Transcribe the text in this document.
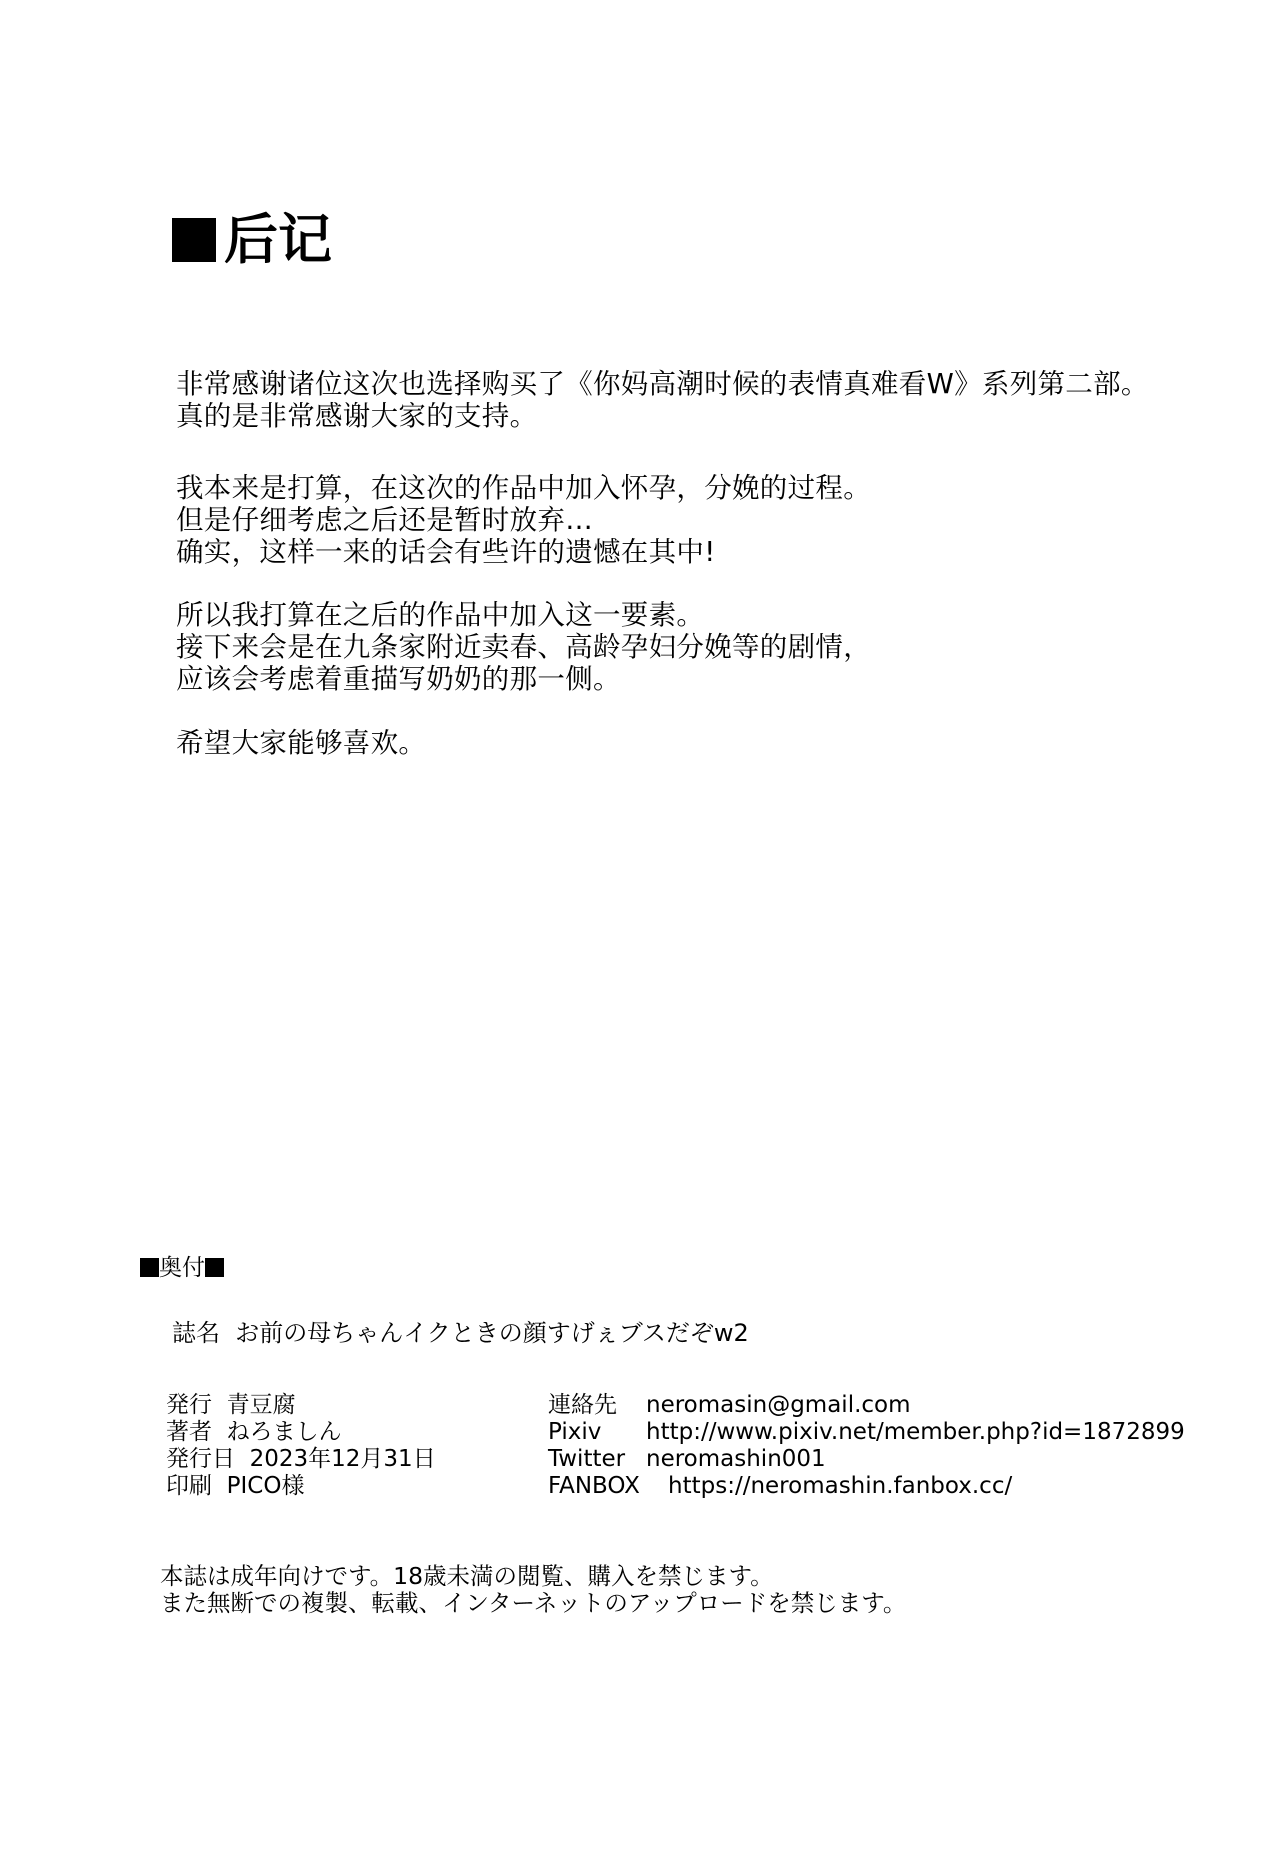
后记
非常感谢诸位这次也选择购买了《你妈高潮时候的表情真难看W》系列第二部。
真的是非常感谢大家的支持。
我本来是打算，在这次的作品中加入怀孕，分娩的过程。
但是仔细考虑之后还是暂时放弃…
确实，这样一来的话会有些许的遗憾在其中!
所以我打算在之后的作品中加入这一要素。
接下来会是在九条家附近卖春、高龄孕妇分娩等的剧情，
应该会考虑着重描写奶奶的那一侧。
希望大家能够喜欢。
奥付
誌名 お前の母ちゃんイクときの顔すげぇブスだぞw2
発行 青豆腐
著者 ねろましん
発行日 2023年12月31日
印刷 PICO様
連絡先 neromasin@gmail.com
Pixiv http://www.pixiv.net/member.php?id=1872899
Twitter neromashin001
FANBOX https://neromashin.fanbox.cc/
本誌は成年向けです。18歳未満の閲覧、購入を禁じます。
また無断での複製、転載、インターネットのアップロードを禁じます。
